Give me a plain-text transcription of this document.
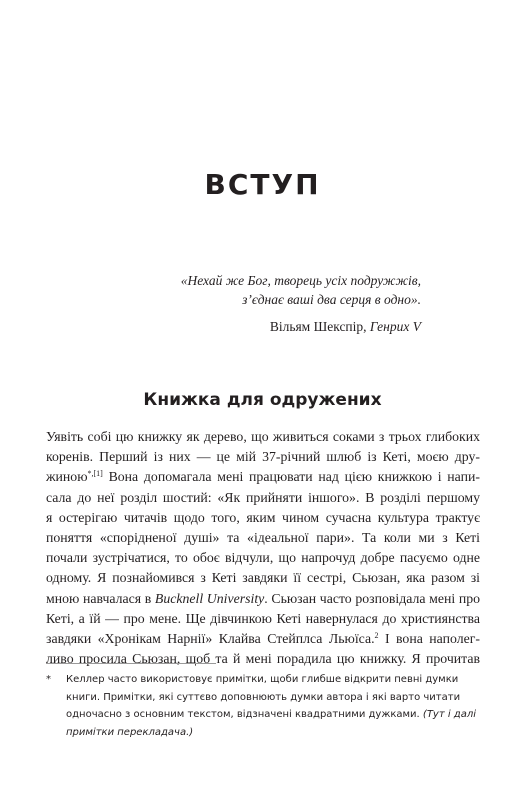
ВСТУП
«Нехай же Бог, творець усіх подружжів,
з’єднає ваші два серця в одно».
Вільям Шекспір, Генрих V
Книжка для одружених
Уявіть собі цю книжку як дерево, що живиться соками з трьох глибоких
коренів. Перший із них — це мій 37-річний шлюб із Кеті, моєю дру-
жиною$^{*,[1]}$ Вона допомагала мені працювати над цією книжкою і напи-
сала до неї розділ шостий: «Як прийняти іншого». В розділі першому
я остерігаю читачів щодо того, яким чином сучасна культура трактує
поняття «спорідненої душі» та «ідеальної пари». Та коли ми з Кеті
почали зустрічатися, то обоє відчули, що напрочуд добре пасуємо одне
одному. Я познайомився з Кеті завдяки її сестрі, Сьюзан, яка разом зі
мною навчалася в Bucknell University. Сьюзан часто розповідала мені про
Кеті, а їй — про мене. Ще дівчинкою Кеті навернулася до християнства
завдяки «Хронікам Нарнії» Клайва Стейплса Льюїса.$^2$ І вона наполег-
ливо просила Сьюзан, щоб та й мені порадила цю книжку. Я прочитав
* Келлер часто використовує примітки, щоби глибше відкрити певні думки
книги. Примітки, які суттєво доповнюють думки автора і які варто читати
одночасно з основним текстом, відзначені квадратними дужками. (Тут і далі
примітки перекладача.)
